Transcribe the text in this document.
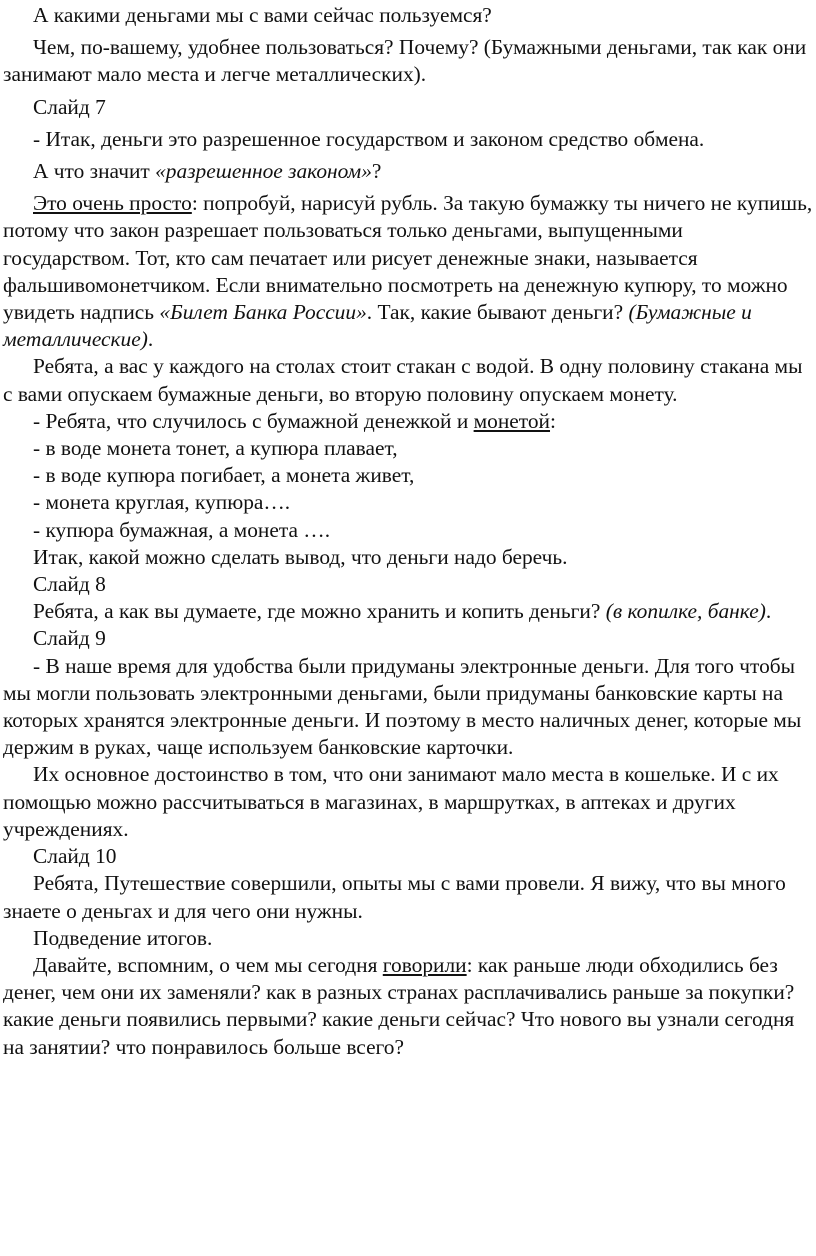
А какими деньгами мы с вами сейчас пользуемся?

Чем, по-вашему, удобнее пользоваться? Почему? (Бумажными деньгами, так как они занимают мало места и легче металлических).

Слайд 7

- Итак, деньги это разрешенное государством и законом средство обмена.

А что значит «разрешенное законом»?

Это очень просто: попробуй, нарисуй рубль. За такую бумажку ты ничего не купишь, потому что закон разрешает пользоваться только деньгами, выпущенными государством. Тот, кто сам печатает или рисует денежные знаки, называется фальшивомонетчиком. Если внимательно посмотреть на денежную купюру, то можно увидеть надпись «Билет Банка России». Так, какие бывают деньги? (Бумажные и металлические).

Ребята, а вас у каждого на столах стоит стакан с водой. В одну половину стакана мы с вами опускаем бумажные деньги, во вторую половину опускаем монету.

- Ребята, что случилось с бумажной денежкой и монетой:

- в воде монета тонет, а купюра плавает,

- в воде купюра погибает, а монета живет,

- монета круглая, купюра….

- купюра бумажная, а монета ….

Итак, какой можно сделать вывод, что деньги надо беречь.

Слайд 8

Ребята, а как вы думаете, где можно хранить и копить деньги? (в копилке, банке).

Слайд 9

- В наше время для удобства были придуманы электронные деньги. Для того чтобы мы могли пользовать электронными деньгами, были придуманы банковские карты на которых хранятся электронные деньги. И поэтому в место наличных денег, которые мы держим в руках, чаще используем банковские карточки.

Их основное достоинство в том, что они занимают мало места в кошельке. И с их помощью можно рассчитываться в магазинах, в маршрутках, в аптеках и других учреждениях.

Слайд 10

Ребята, Путешествие совершили, опыты мы с вами провели. Я вижу, что вы много знаете о деньгах и для чего они нужны.

Подведение итогов.

Давайте, вспомним, о чем мы сегодня говорили: как раньше люди обходились без денег, чем они их заменяли? как в разных странах расплачивались раньше за покупки? какие деньги появились первыми? какие деньги сейчас? Что нового вы узнали сегодня на занятии? что понравилось больше всего?
